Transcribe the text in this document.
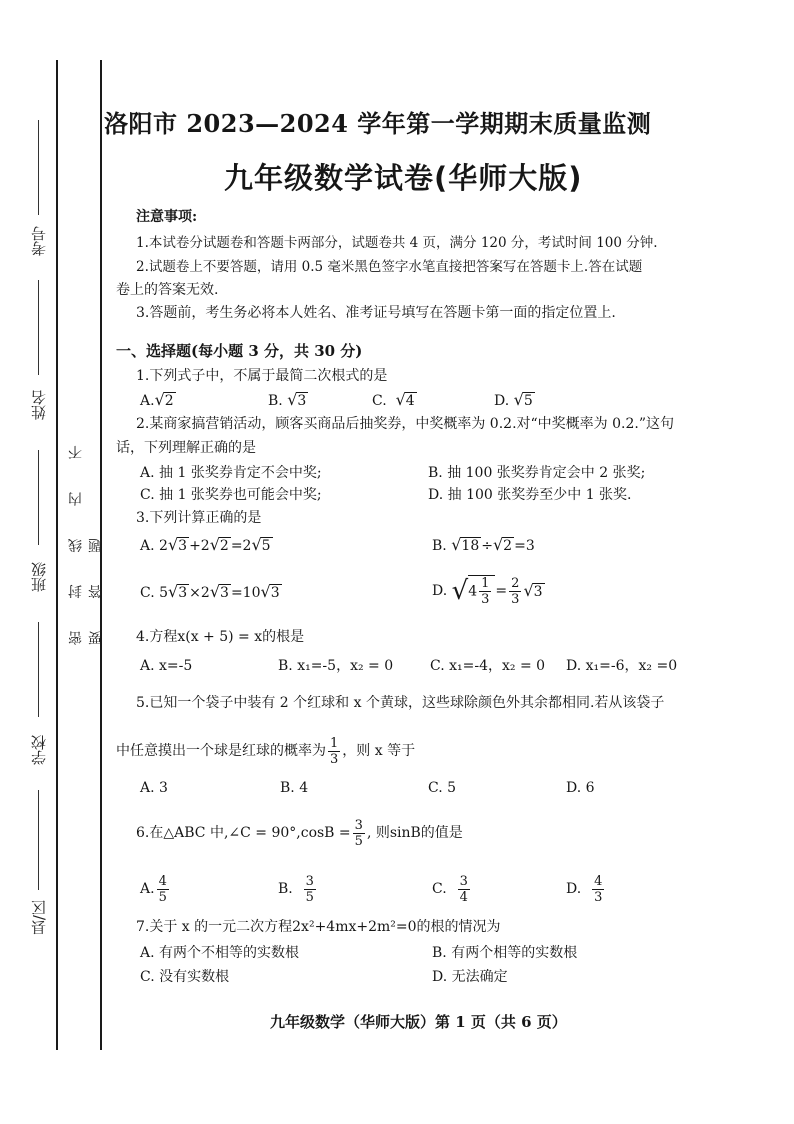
考号
姓名
班级
学校
县/区
密 封 线 内 不 要 答 题
洛阳市 2023—2024 学年第一学期期末质量监测
九年级数学试卷(华师大版)
注意事项:
1.本试卷分试题卷和答题卡两部分，试题卷共 4 页，满分 120 分，考试时间 100 分钟.
2.试题卷上不要答题，请用 0.5 毫米黑色签字水笔直接把答案写在答题卡上.答在试题
卷上的答案无效.
3.答题前，考生务必将本人姓名、准考证号填写在答题卡第一面的指定位置上.
一、选择题(每小题 3 分，共 30 分)
1.下列式子中，不属于最简二次根式的是
A.√2	B. √3	C. √4	D. √5
2.某商家搞营销活动，顾客买商品后抽奖券，中奖概率为 0.2.对“中奖概率为 0.2.”这句
话，下列理解正确的是
A. 抽 1 张奖券肯定不会中奖;	B. 抽 100 张奖券肯定会中 2 张奖;
C. 抽 1 张奖券也可能会中奖;	D. 抽 100 张奖券至少中 1 张奖.
3.下列计算正确的是
A. 2√3 +2√2 =2√5	B. √18 ÷√2 =3
C. 5√3 ×2√3 =10√3	D. $√4 \frac{1}{3} = \frac{2}{3} √3$
4.方程x(x + 5) = x的根是
A. x=-5	B. x₁=-5，x₂ = 0	C. x₁=-4，x₂ = 0 D. x₁=-6，x₂ =0
5.已知一个袋子中装有 2 个红球和 x 个黄球，这些球除颜色外其余都相同.若从该袋子
中任意摸出一个球是红球的概率为 $\frac{1}{3}$ ，则 x 等于
A. 3	B. 4	C. 5	D. 6
6.在△ABC 中,∠C = $90^\circ,\cos B = \frac{3}{5}$ , 则sinB的值是
A. $\frac{4}{5}$	B. $\frac{3}{5}$	C. $\frac{3}{4}$	D. $\frac{4}{3}$
7.关于 x 的一元二次方程2x²+4mx+2m²=0的根的情况为
A. 有两个不相等的实数根	B. 有两个相等的实数根
C. 没有实数根	D. 无法确定
九年级数学（华师大版）第 1 页（共 6 页）
